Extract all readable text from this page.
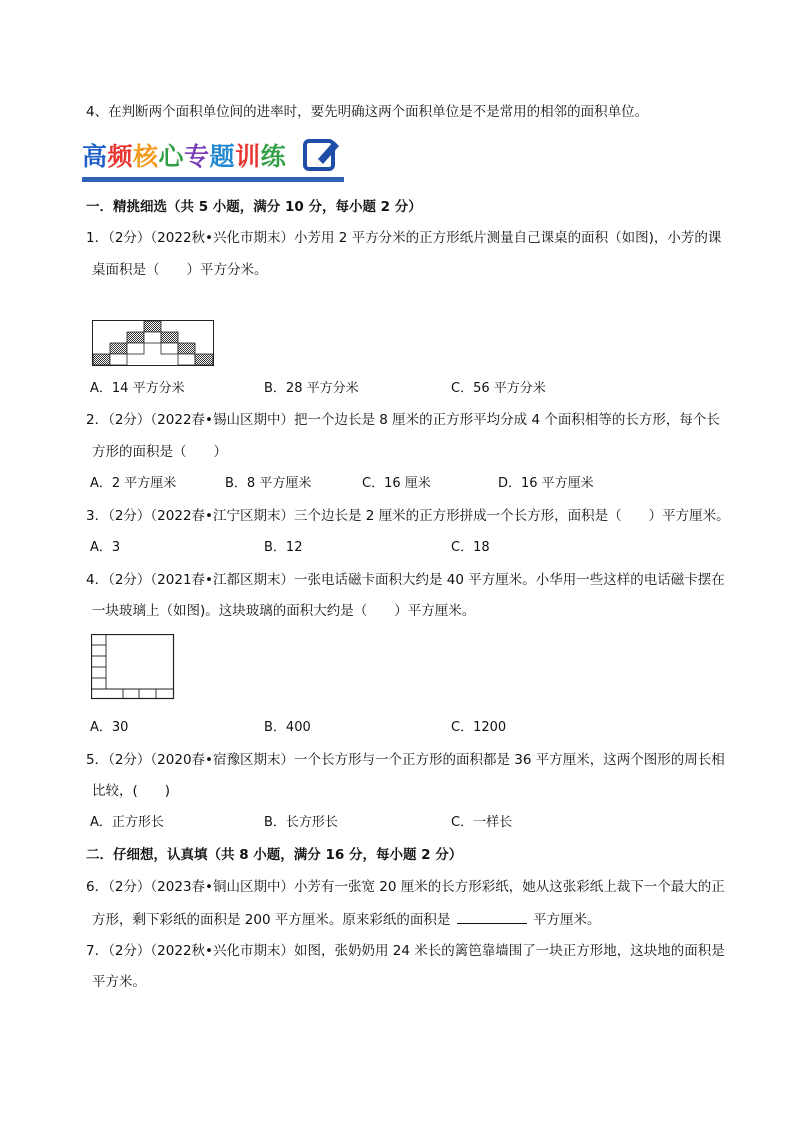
4、在判断两个面积单位间的进率时，要先明确这两个面积单位是不是常用的相邻的面积单位。
高频核心专题训练
一．精挑细选（共 5 小题，满分 10 分，每小题 2 分）
1．（2分）（2022秋•兴化市期末）小芳用 2 平方分米的正方形纸片测量自己课桌的面积（如图)，小芳的课
桌面积是（　　）平方分米。
A．14 平方分米	B．28 平方分米	C．56 平方分米
2．（2分）（2022春•锡山区期中）把一个边长是 8 厘米的正方形平均分成 4 个面积相等的长方形，每个长
方形的面积是（　　）
A．2 平方厘米	B．8 平方厘米	C．16 厘米	D．16 平方厘米
3．（2分）（2022春•江宁区期末）三个边长是 2 厘米的正方形拼成一个长方形，面积是（　　）平方厘米。
A．3	B．12	C．18
4．（2分）（2021春•江都区期末）一张电话磁卡面积大约是 40 平方厘米。小华用一些这样的电话磁卡摆在
一块玻璃上（如图)。这块玻璃的面积大约是（　　）平方厘米。
A．30	B．400	C．1200
5．（2分）（2020春•宿豫区期末）一个长方形与一个正方形的面积都是 36 平方厘米，这两个图形的周长相
比较，(　　)
A．正方形长	B．长方形长	C．一样长
二．仔细想，认真填（共 8 小题，满分 16 分，每小题 2 分）
6．（2分）（2023春•铜山区期中）小芳有一张宽 20 厘米的长方形彩纸，她从这张彩纸上裁下一个最大的正
方形，剩下彩纸的面积是 200 平方厘米。原来彩纸的面积是	平方厘米。
7．（2分）（2022秋•兴化市期末）如图，张奶奶用 24 米长的篱笆靠墙围了一块正方形地，这块地的面积是
平方米。
